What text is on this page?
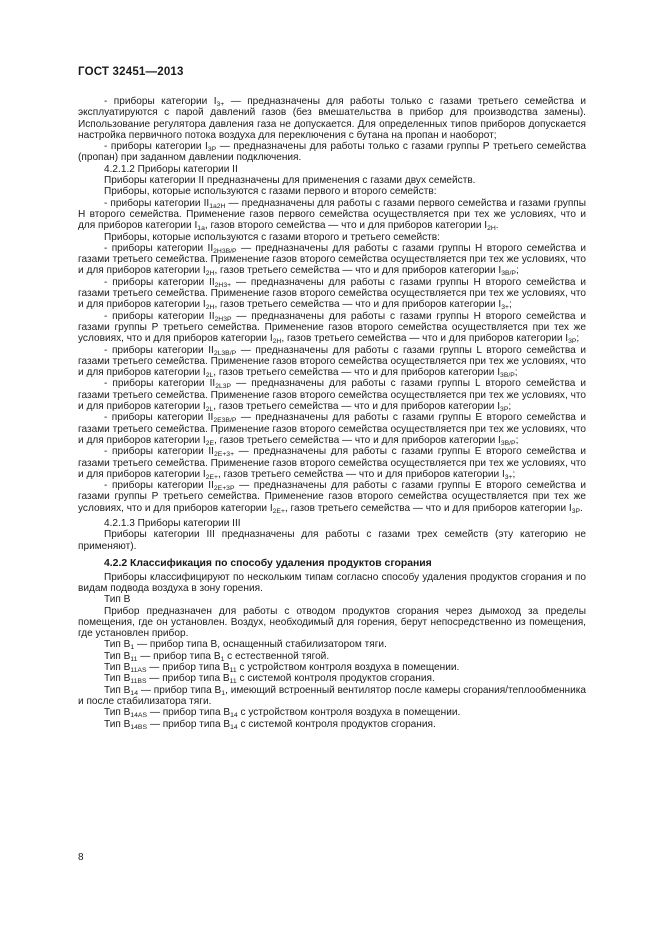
ГОСТ 32451—2013

- приборы категории $I_{3+}$ — предназначены для работы только с газами третьего семейства и эксплуатируются с парой давлений газов (без вмешательства в прибор для производства замены). Использование регулятора давления газа не допускается. Для определенных типов приборов допускается настройка первичного потока воздуха для переключения с бутана на пропан и наоборот;

- приборы категории $I_{3P}$ — предназначены для работы только с газами группы Р третьего семейства (пропан) при заданном давлении подключения.

4.2.1.2 Приборы категории II

Приборы категории II предназначены для применения с газами двух семейств.

Приборы, которые используются с газами первого и второго семейств:

- приборы категории $II_{1a2H}$ — предназначены для работы с газами первого семейства и газами группы Н второго семейства. Применение газов первого семейства осуществляется при тех же условиях, что и для приборов категории $I_{1a}$, газов второго семейства — что и для приборов категории $I_{2H}$.

Приборы, которые используются с газами второго и третьего семейств:

- приборы категории $II_{2H3B/P}$ — предназначены для работы с газами группы Н второго семейства и газами третьего семейства. Применение газов второго семейства осуществляется при тех же условиях, что и для приборов категории $I_{2H}$, газов третьего семейства — что и для приборов категории $I_{3B/P}$;

- приборы категории $II_{2H3+}$ — предназначены для работы с газами группы Н второго семейства и газами третьего семейства. Применение газов второго семейства осуществляется при тех же условиях, что и для приборов категории $I_{2H}$, газов третьего семейства — что и для приборов категории $I_{3+}$;

- приборы категории $II_{2H3P}$ — предназначены для работы с газами группы Н второго семейства и газами группы Р третьего семейства. Применение газов второго семейства осуществляется при тех же условиях, что и для приборов категории $I_{2H}$, газов третьего семейства — что и для приборов категории $I_{3P}$;

- приборы категории $II_{2L3B/P}$ — предназначены для работы с газами группы L второго семейства и газами третьего семейства. Применение газов второго семейства осуществляется при тех же условиях, что и для приборов категории $I_{2L}$, газов третьего семейства — что и для приборов категории $I_{3B/P}$;

- приборы категории $II_{2L3P}$ — предназначены для работы с газами группы L второго семейства и газами третьего семейства. Применение газов второго семейства осуществляется при тех же условиях, что и для приборов категории $I_{2L}$, газов третьего семейства — что и для приборов категории $I_{3P}$;

- приборы категории $II_{2E3B/P}$ — предназначены для работы с газами группы Е второго семейства и газами третьего семейства. Применение газов второго семейства осуществляется при тех же условиях, что и для приборов категории $I_{2E}$, газов третьего семейства — что и для приборов категории $I_{3B/P}$;

- приборы категории $II_{2E+3+}$ — предназначены для работы с газами группы Е второго семейства и газами третьего семейства. Применение газов второго семейства осуществляется при тех же условиях, что и для приборов категории $I_{2E+}$, газов третьего семейства — что и для приборов категории $I_{3+}$;

- приборы категории $II_{2E+3P}$ — предназначены для работы с газами группы Е второго семейства и газами группы Р третьего семейства. Применение газов второго семейства осуществляется при тех же условиях, что и для приборов категории $I_{2E+}$, газов третьего семейства — что и для приборов категории $I_{3P}$.

4.2.1.3 Приборы категории III

Приборы категории III предназначены для работы с газами трех семейств (эту категорию не применяют).

4.2.2 Классификация по способу удаления продуктов сгорания

Приборы классифицируют по нескольким типам согласно способу удаления продуктов сгорания и по видам подвода воздуха в зону горения.

Тип В

Прибор предназначен для работы с отводом продуктов сгорания через дымоход за пределы помещения, где он установлен. Воздух, необходимый для горения, берут непосредственно из помещения, где установлен прибор.

Тип $В_1$ — прибор типа В, оснащенный стабилизатором тяги.

Тип $В_{11}$ — прибор типа $В_1$ с естественной тягой.

Тип $В_{11AS}$ — прибор типа $В_{11}$ с устройством контроля воздуха в помещении.

Тип $В_{11BS}$ — прибор типа $В_{11}$ с системой контроля продуктов сгорания.

Тип $В_{14}$ — прибор типа $В_1$, имеющий встроенный вентилятор после камеры сгорания/теплообменника и после стабилизатора тяги.

Тип $В_{14AS}$ — прибор типа $В_{14}$ с устройством контроля воздуха в помещении.

Тип $В_{14BS}$ — прибор типа $В_{14}$ с системой контроля продуктов сгорания.

8
